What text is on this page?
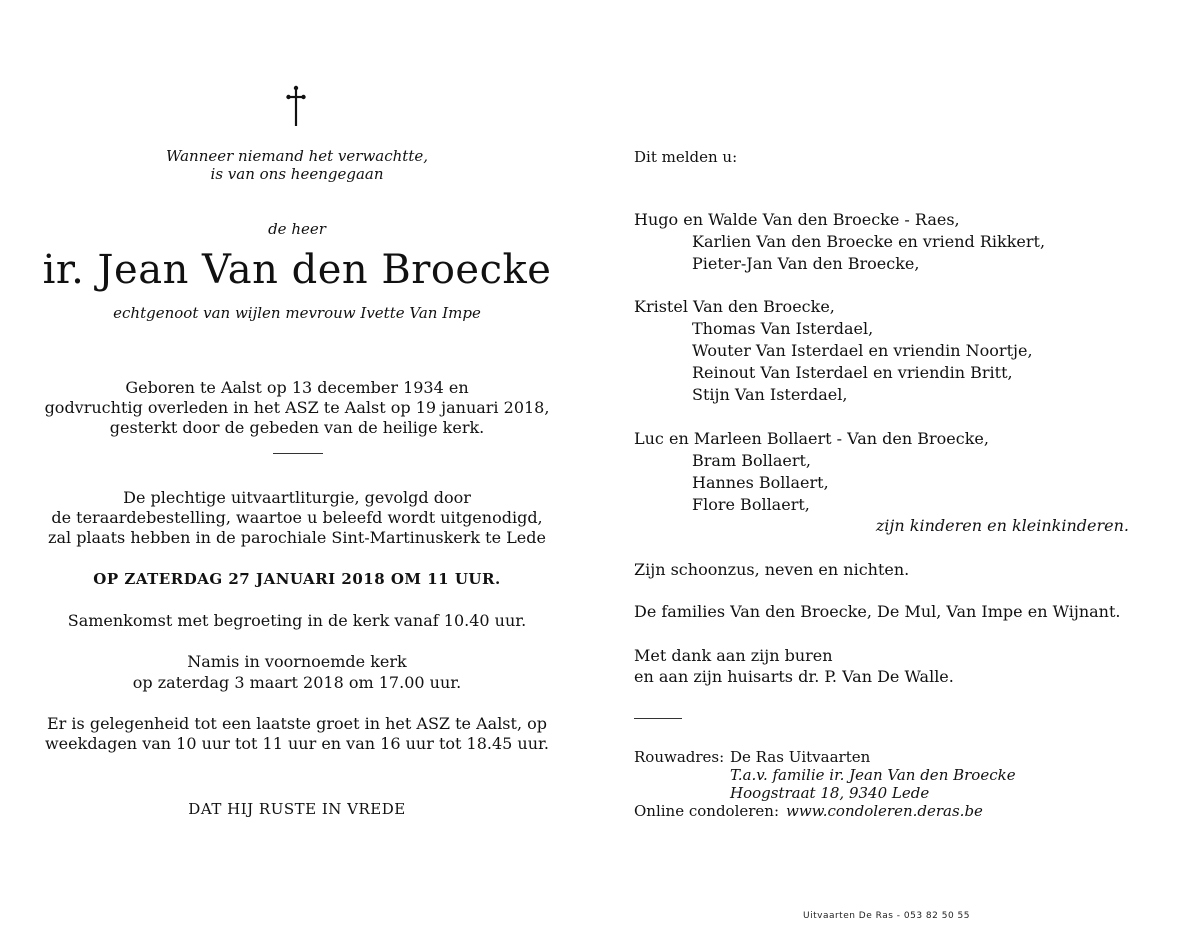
Wanneer niemand het verwachtte,
is van ons heengegaan
de heer
ir. Jean Van den Broecke
echtgenoot van wijlen mevrouw Ivette Van Impe
Geboren te Aalst op 13 december 1934 en
godvruchtig overleden in het ASZ te Aalst op 19 januari 2018,
gesterkt door de gebeden van de heilige kerk.
De plechtige uitvaartliturgie, gevolgd door
de teraardebestelling, waartoe u beleefd wordt uitgenodigd,
zal plaats hebben in de parochiale Sint-Martinuskerk te Lede
OP ZATERDAG 27 JANUARI 2018 OM 11 UUR.
Samenkomst met begroeting in de kerk vanaf 10.40 uur.
Namis in voornoemde kerk
op zaterdag 3 maart 2018 om 17.00 uur.
Er is gelegenheid tot een laatste groet in het ASZ te Aalst, op
weekdagen van 10 uur tot 11 uur en van 16 uur tot 18.45 uur.
DAT HIJ RUSTE IN VREDE
Dit melden u:
Hugo en Walde Van den Broecke - Raes,
Karlien Van den Broecke en vriend Rikkert,
Pieter-Jan Van den Broecke,
Kristel Van den Broecke,
Thomas Van Isterdael,
Wouter Van Isterdael en vriendin Noortje,
Reinout Van Isterdael en vriendin Britt,
Stijn Van Isterdael,
Luc en Marleen Bollaert - Van den Broecke,
Bram Bollaert,
Hannes Bollaert,
Flore Bollaert,
zijn kinderen en kleinkinderen.
Zijn schoonzus, neven en nichten.
De families Van den Broecke, De Mul, Van Impe en Wijnant.
Met dank aan zijn buren
en aan zijn huisarts dr. P. Van De Walle.
Rouwadres: De Ras Uitvaarten
T.a.v. familie ir. Jean Van den Broecke
Hoogstraat 18, 9340 Lede
Online condoleren: www.condoleren.deras.be
Uitvaarten De Ras - 053 82 50 55
